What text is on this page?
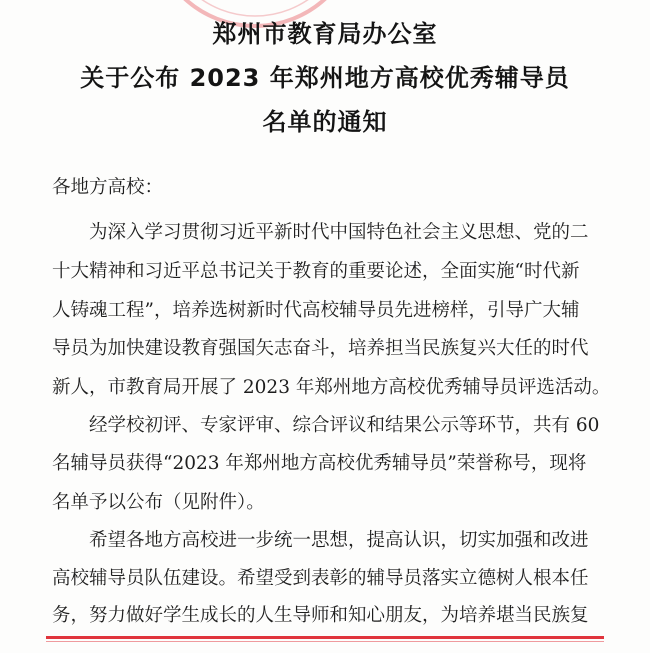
郑州市教育局办公室
关于公布 2023 年郑州地方高校优秀辅导员
名单的通知
各地方高校：
为深入学习贯彻习近平新时代中国特色社会主义思想、党的二
十大精神和习近平总书记关于教育的重要论述，全面实施“时代新
人铸魂工程”，培养选树新时代高校辅导员先进榜样，引导广大辅
导员为加快建设教育强国矢志奋斗，培养担当民族复兴大任的时代
新人，市教育局开展了 2023 年郑州地方高校优秀辅导员评选活动。
经学校初评、专家评审、综合评议和结果公示等环节，共有 60
名辅导员获得“2023 年郑州地方高校优秀辅导员”荣誉称号，现将
名单予以公布（见附件）。
希望各地方高校进一步统一思想，提高认识，切实加强和改进
高校辅导员队伍建设。希望受到表彰的辅导员落实立德树人根本任
务，努力做好学生成长的人生导师和知心朋友，为培养堪当民族复
